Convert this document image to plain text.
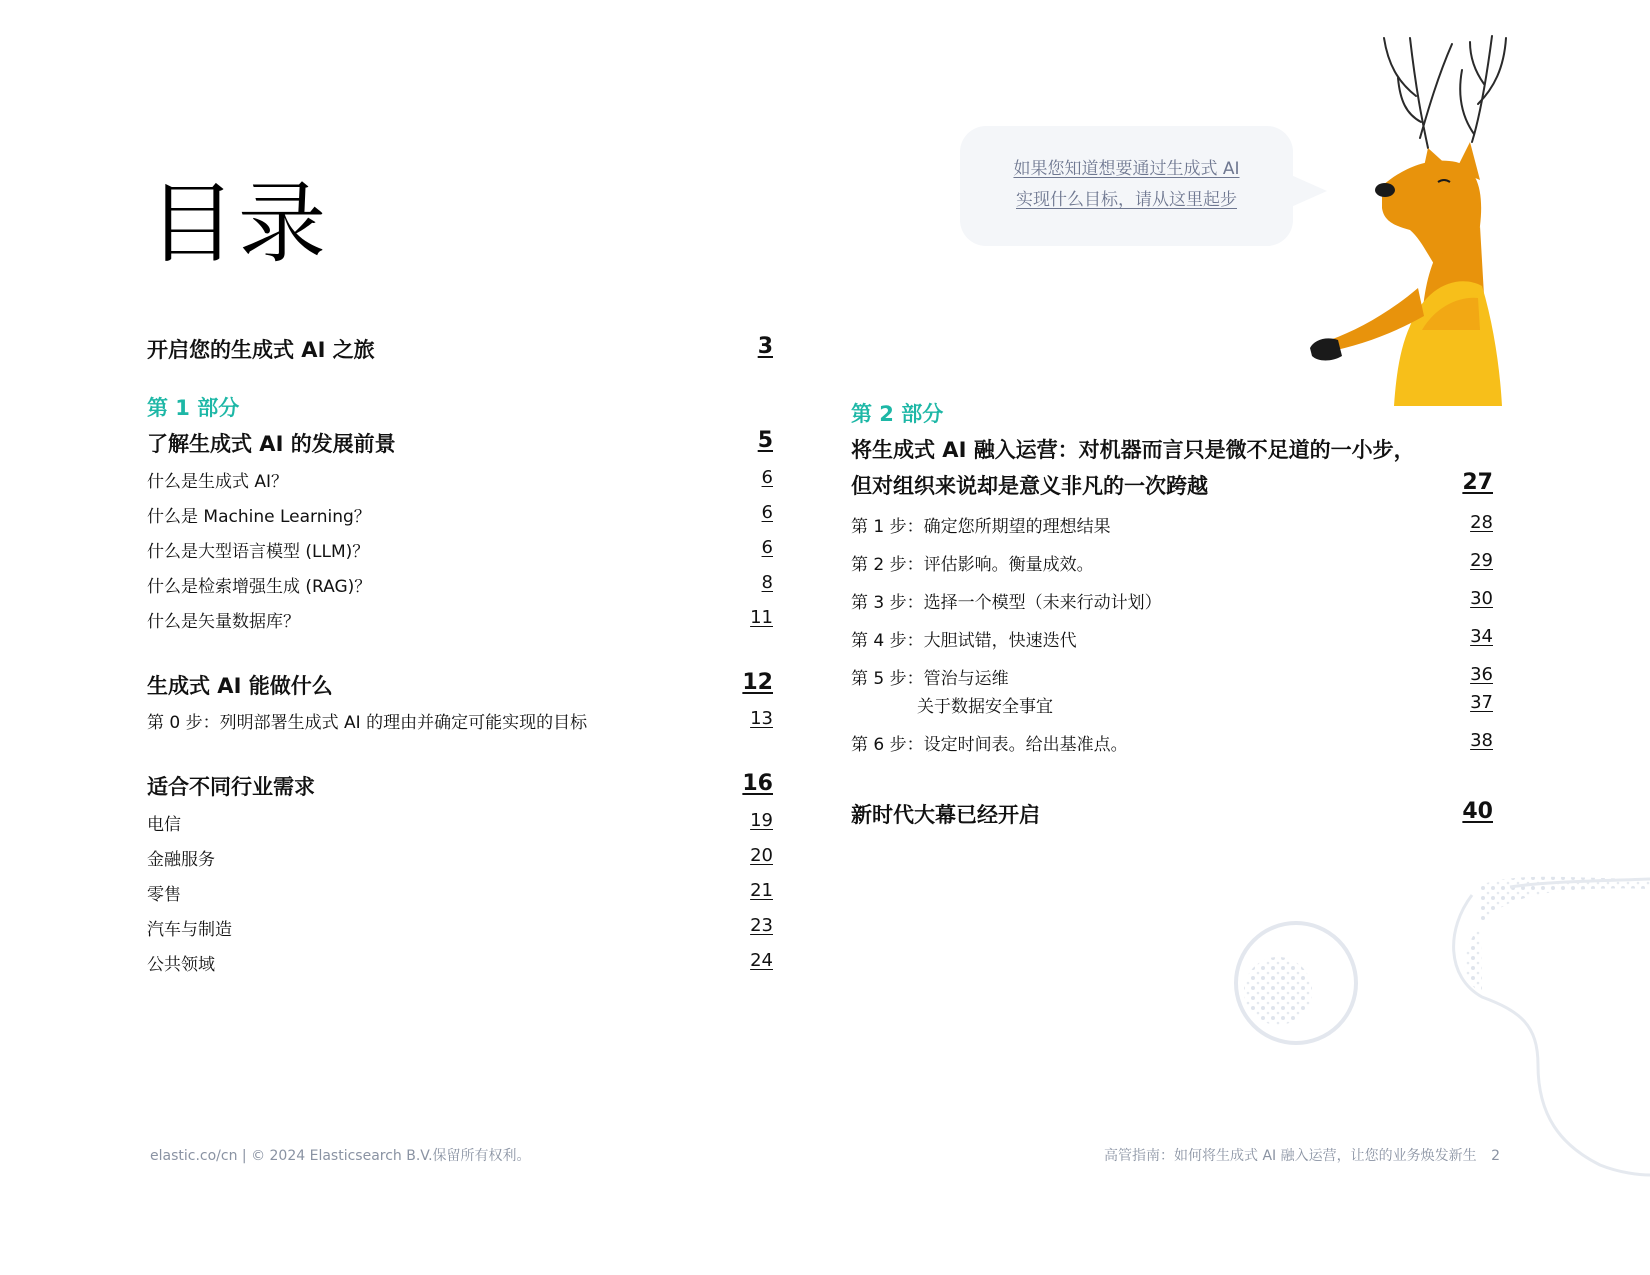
目录
如果您知道想要通过生成式 AI
实现什么目标，请从这里起步
开启您的生成式 AI 之旅	3
第 1 部分
了解生成式 AI 的发展前景	5
什么是生成式 AI？	6
什么是 Machine Learning？	6
什么是大型语言模型 (LLM)？	6
什么是检索增强生成 (RAG)？	8
什么是矢量数据库？	11
生成式 AI 能做什么	12
第 0 步：列明部署生成式 AI 的理由并确定可能实现的目标	13
适合不同行业需求	16
电信	19
金融服务	20
零售	21
汽车与制造	23
公共领域	24
第 2 部分
将生成式 AI 融入运营：对机器而言只是微不足道的一小步，
但对组织来说却是意义非凡的一次跨越	27
第 1 步：确定您所期望的理想结果	28
第 2 步：评估影响。衡量成效。	29
第 3 步：选择一个模型（未来行动计划）	30
第 4 步：大胆试错，快速迭代	34
第 5 步：管治与运维	36
关于数据安全事宜	37
第 6 步：设定时间表。给出基准点。	38
新时代大幕已经开启	40
elastic.co/cn | © 2024 Elasticsearch B.V.保留所有权利。	高管指南：如何将生成式 AI 融入运营，让您的业务焕发新生 2
